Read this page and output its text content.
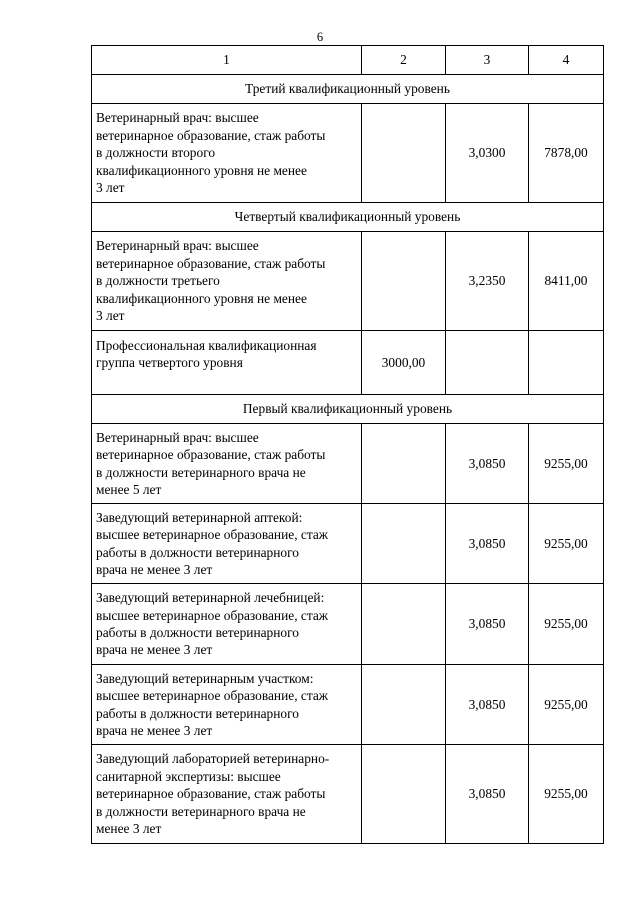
6
1	2	3	4
Третий квалификационный уровень			

Ветеринарный врач: высшее
ветеринарное образование, стаж работы
в должности второго
квалификационного уровня не менее
3 лет		3,0300	7878,00
Четвертый квалификационный уровень			

Ветеринарный врач: высшее
ветеринарное образование, стаж работы
в должности третьего
квалификационного уровня не менее
3 лет		3,2350	8411,00

Профессиональная квалификационная
группа четвертого уровня	3000,00		
Первый квалификационный уровень			

Ветеринарный врач: высшее
ветеринарное образование, стаж работы
в должности ветеринарного врача не
менее 5 лет		3,0850	9255,00

Заведующий ветеринарной аптекой:
высшее ветеринарное образование, стаж
работы в должности ветеринарного
врача не менее 3 лет		3,0850	9255,00

Заведующий ветеринарной лечебницей:
высшее ветеринарное образование, стаж
работы в должности ветеринарного
врача не менее 3 лет		3,0850	9255,00

Заведующий ветеринарным участком:
высшее ветеринарное образование, стаж
работы в должности ветеринарного
врача не менее 3 лет		3,0850	9255,00

Заведующий лабораторией ветеринарно-
санитарной экспертизы: высшее
ветеринарное образование, стаж работы
в должности ветеринарного врача не
менее 3 лет		3,0850	9255,00
